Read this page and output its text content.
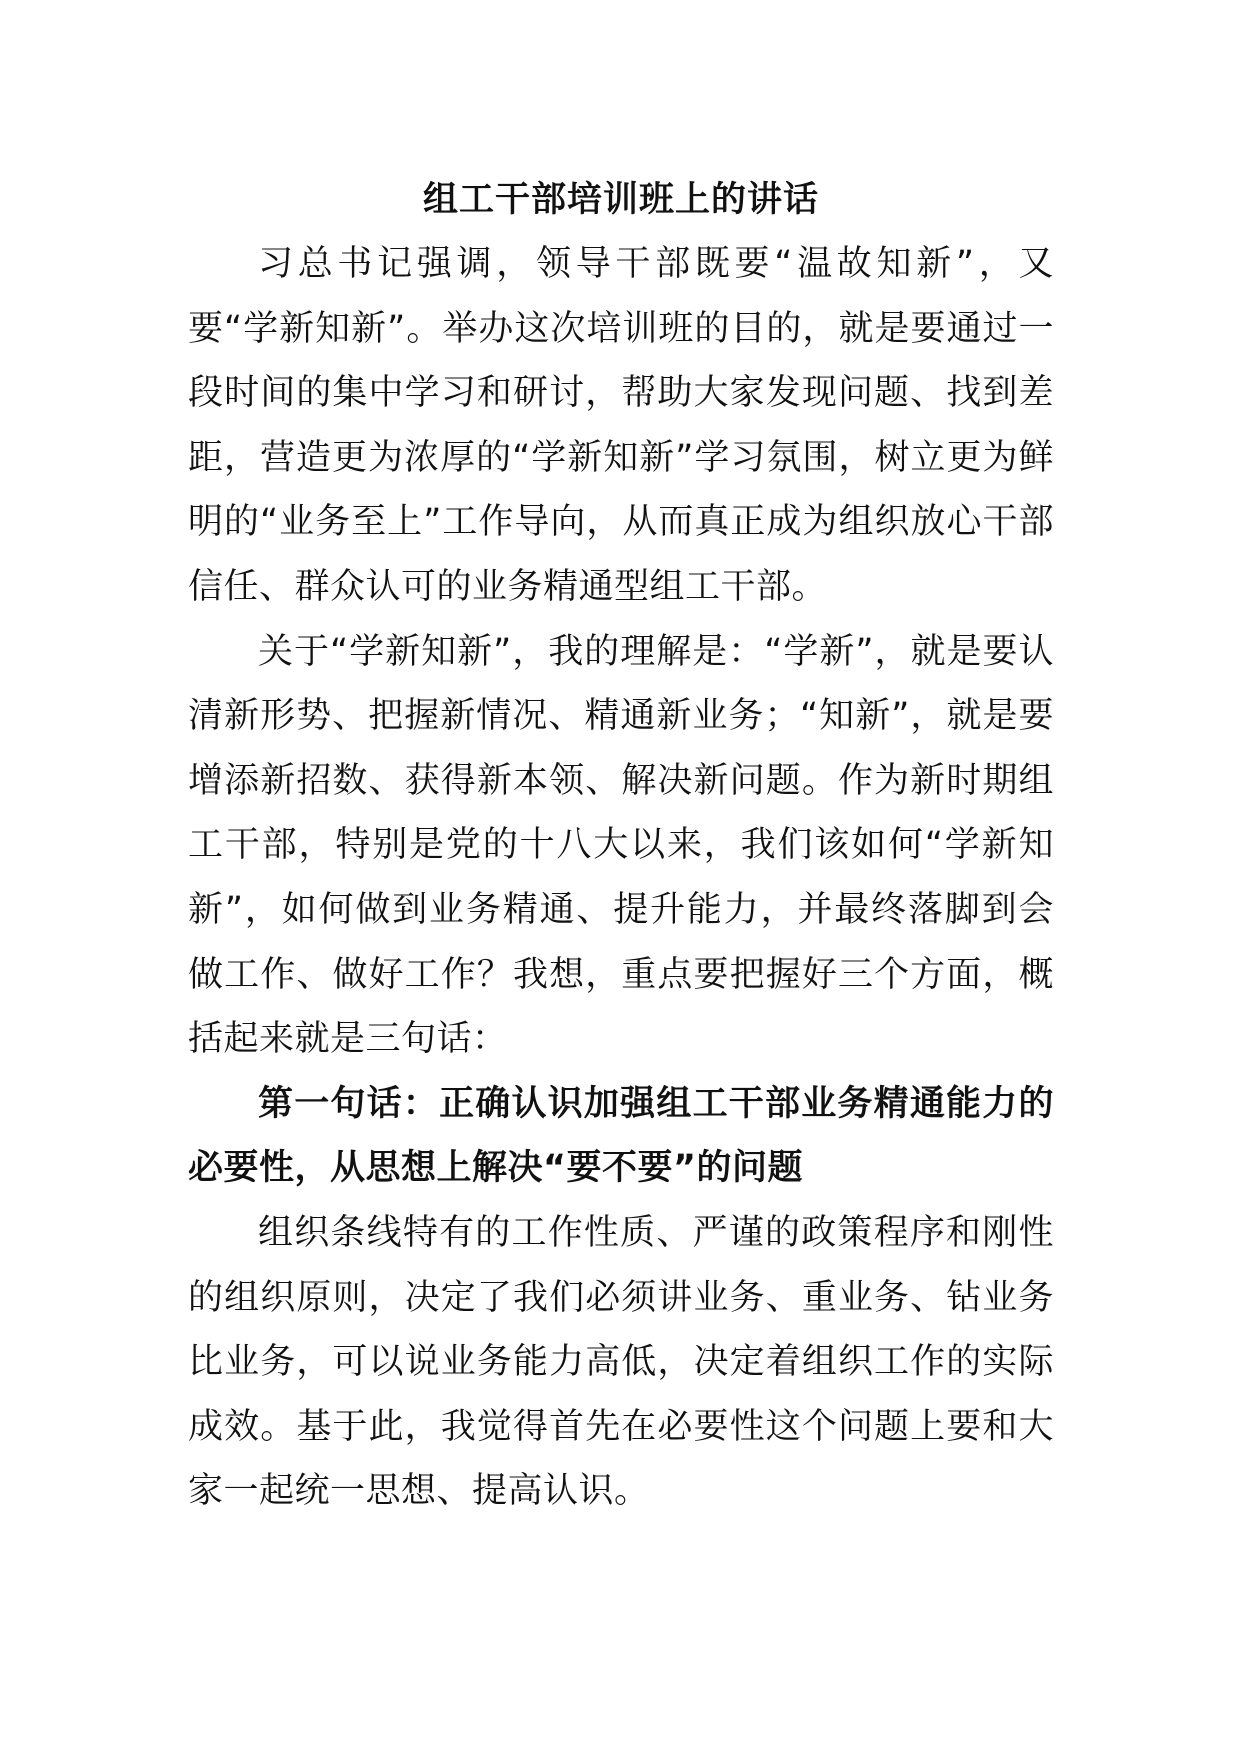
组工干部培训班上的讲话

习总书记强调，领导干部既要“温故知新”，又要“学新知新”。举办这次培训班的目的，就是要通过一段时间的集中学习和研讨，帮助大家发现问题、找到差距，营造更为浓厚的“学新知新”学习氛围，树立更为鲜明的“业务至上”工作导向，从而真正成为组织放心干部信任、群众认可的业务精通型组工干部。

关于“学新知新”，我的理解是：“学新”，就是要认清新形势、把握新情况、精通新业务；“知新”，就是要增添新招数、获得新本领、解决新问题。作为新时期组工干部，特别是党的十八大以来，我们该如何“学新知新”，如何做到业务精通、提升能力，并最终落脚到会做工作、做好工作？我想，重点要把握好三个方面，概括起来就是三句话：

第一句话：正确认识加强组工干部业务精通能力的必要性，从思想上解决“要不要”的问题

组织条线特有的工作性质、严谨的政策程序和刚性的组织原则，决定了我们必须讲业务、重业务、钻业务比业务，可以说业务能力高低，决定着组织工作的实际成效。基于此，我觉得首先在必要性这个问题上要和大家一起统一思想、提高认识。
